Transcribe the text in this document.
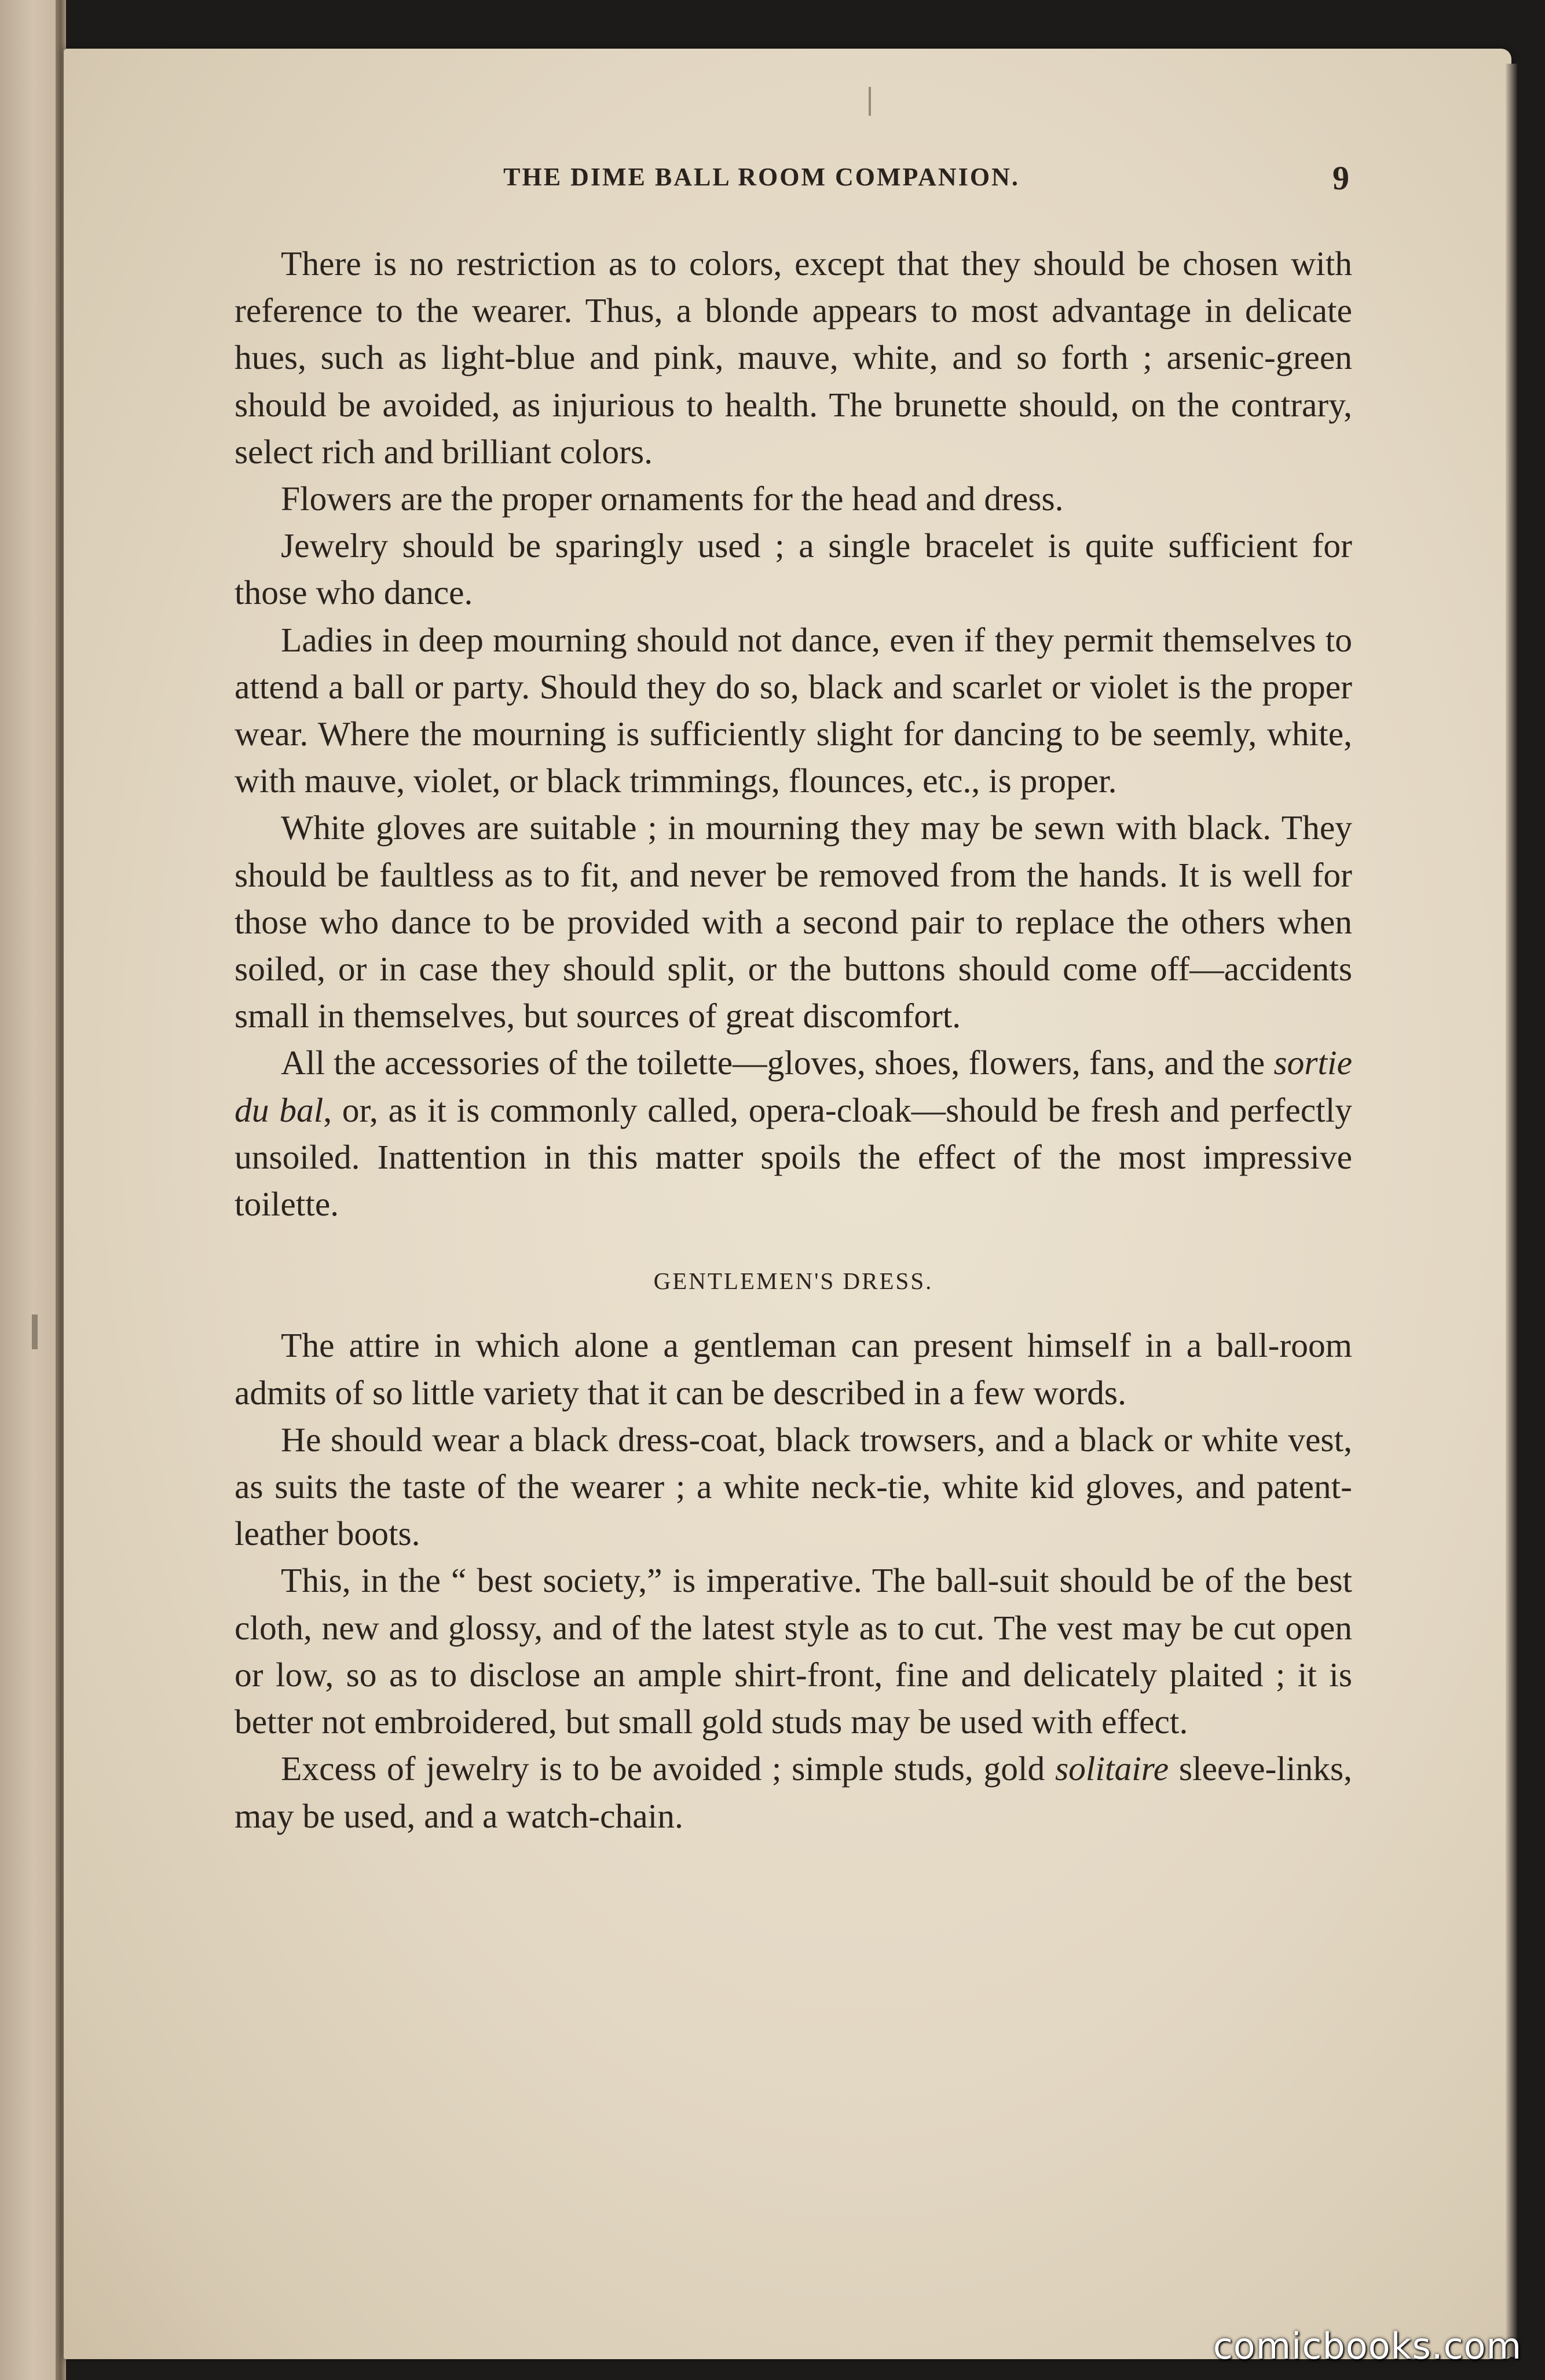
THE DIME BALL ROOM COMPANION.	9

There is no restriction as to colors, except that they should be chosen with reference to the wearer. Thus, a blonde appears to most advantage in delicate hues, such as light-blue and pink, mauve, white, and so forth ; arsenic-green should be avoided, as injurious to health. The brunette should, on the contrary, select rich and brilliant colors.

Flowers are the proper ornaments for the head and dress.

Jewelry should be sparingly used ; a single bracelet is quite sufficient for those who dance.

Ladies in deep mourning should not dance, even if they permit themselves to attend a ball or party. Should they do so, black and scarlet or violet is the proper wear. Where the mourning is sufficiently slight for dancing to be seemly, white, with mauve, violet, or black trimmings, flounces, etc., is proper.

White gloves are suitable ; in mourning they may be sewn with black. They should be faultless as to fit, and never be removed from the hands. It is well for those who dance to be provided with a second pair to replace the others when soiled, or in case they should split, or the buttons should come off—accidents small in themselves, but sources of great discomfort.

All the accessories of the toilette—gloves, shoes, flowers, fans, and the sortie du bal, or, as it is commonly called, opera-cloak—should be fresh and perfectly unsoiled. Inattention in this matter spoils the effect of the most impressive toilette.

GENTLEMEN'S DRESS.

The attire in which alone a gentleman can present himself in a ball-room admits of so little variety that it can be described in a few words.

He should wear a black dress-coat, black trowsers, and a black or white vest, as suits the taste of the wearer ; a white neck-tie, white kid gloves, and patent-leather boots.

This, in the “ best society,” is imperative. The ball-suit should be of the best cloth, new and glossy, and of the latest style as to cut. The vest may be cut open or low, so as to disclose an ample shirt-front, fine and delicately plaited ; it is better not embroidered, but small gold studs may be used with effect.

Excess of jewelry is to be avoided ; simple studs, gold solitaire sleeve-links, may be used, and a watch-chain.

comicbooks.com
